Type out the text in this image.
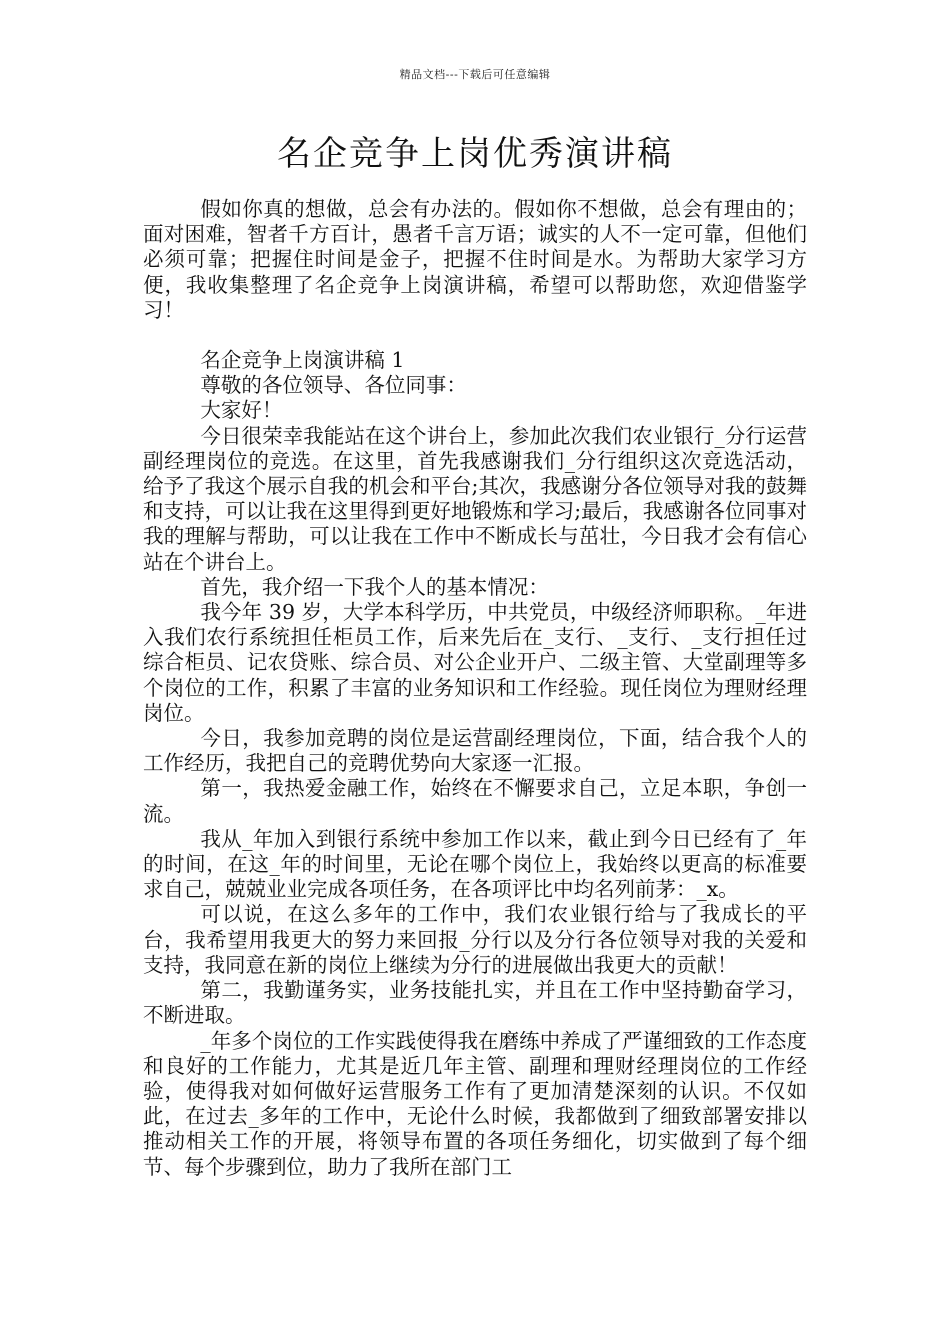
精品文档---下载后可任意编辑
名企竞争上岗优秀演讲稿

假如你真的想做，总会有办法的。假如你不想做，总会有理由的；面对困难，智者千方百计，愚者千言万语；诚实的人不一定可靠，但他们必须可靠；把握住时间是金子，把握不住时间是水。为帮助大家学习方便，我收集整理了名企竞争上岗演讲稿，希望可以帮助您，欢迎借鉴学习！

名企竞争上岗演讲稿 1

尊敬的各位领导、各位同事：

大家好！

今日很荣幸我能站在这个讲台上，参加此次我们农业银行_分行运营副经理岗位的竞选。在这里，首先我感谢我们_分行组织这次竞选活动，给予了我这个展示自我的机会和平台;其次，我感谢分各位领导对我的鼓舞和支持，可以让我在这里得到更好地锻炼和学习;最后，我感谢各位同事对我的理解与帮助，可以让我在工作中不断成长与茁壮，今日我才会有信心站在个讲台上。

首先，我介绍一下我个人的基本情况：

我今年 39 岁，大学本科学历，中共党员，中级经济师职称。_年进入我们农行系统担任柜员工作，后来先后在_支行、_支行、_支行担任过综合柜员、记农贷账、综合员、对公企业开户、二级主管、大堂副理等多个岗位的工作，积累了丰富的业务知识和工作经验。现任岗位为理财经理岗位。

今日，我参加竞聘的岗位是运营副经理岗位，下面，结合我个人的工作经历，我把自己的竞聘优势向大家逐一汇报。

第一，我热爱金融工作，始终在不懈要求自己，立足本职，争创一流。

我从_年加入到银行系统中参加工作以来，截止到今日已经有了_年的时间，在这_年的时间里，无论在哪个岗位上，我始终以更高的标准要求自己，兢兢业业完成各项任务，在各项评比中均名列前茅：_x。

可以说，在这么多年的工作中，我们农业银行给与了我成长的平台，我希望用我更大的努力来回报_分行以及分行各位领导对我的关爱和支持，我同意在新的岗位上继续为分行的进展做出我更大的贡献！

第二，我勤谨务实，业务技能扎实，并且在工作中坚持勤奋学习，不断进取。

_年多个岗位的工作实践使得我在磨练中养成了严谨细致的工作态度和良好的工作能力，尤其是近几年主管、副理和理财经理岗位的工作经验，使得我对如何做好运营服务工作有了更加清楚深刻的认识。不仅如此，在过去_多年的工作中，无论什么时候，我都做到了细致部署安排以推动相关工作的开展，将领导布置的各项任务细化，切实做到了每个细节、每个步骤到位，助力了我所在部门工
